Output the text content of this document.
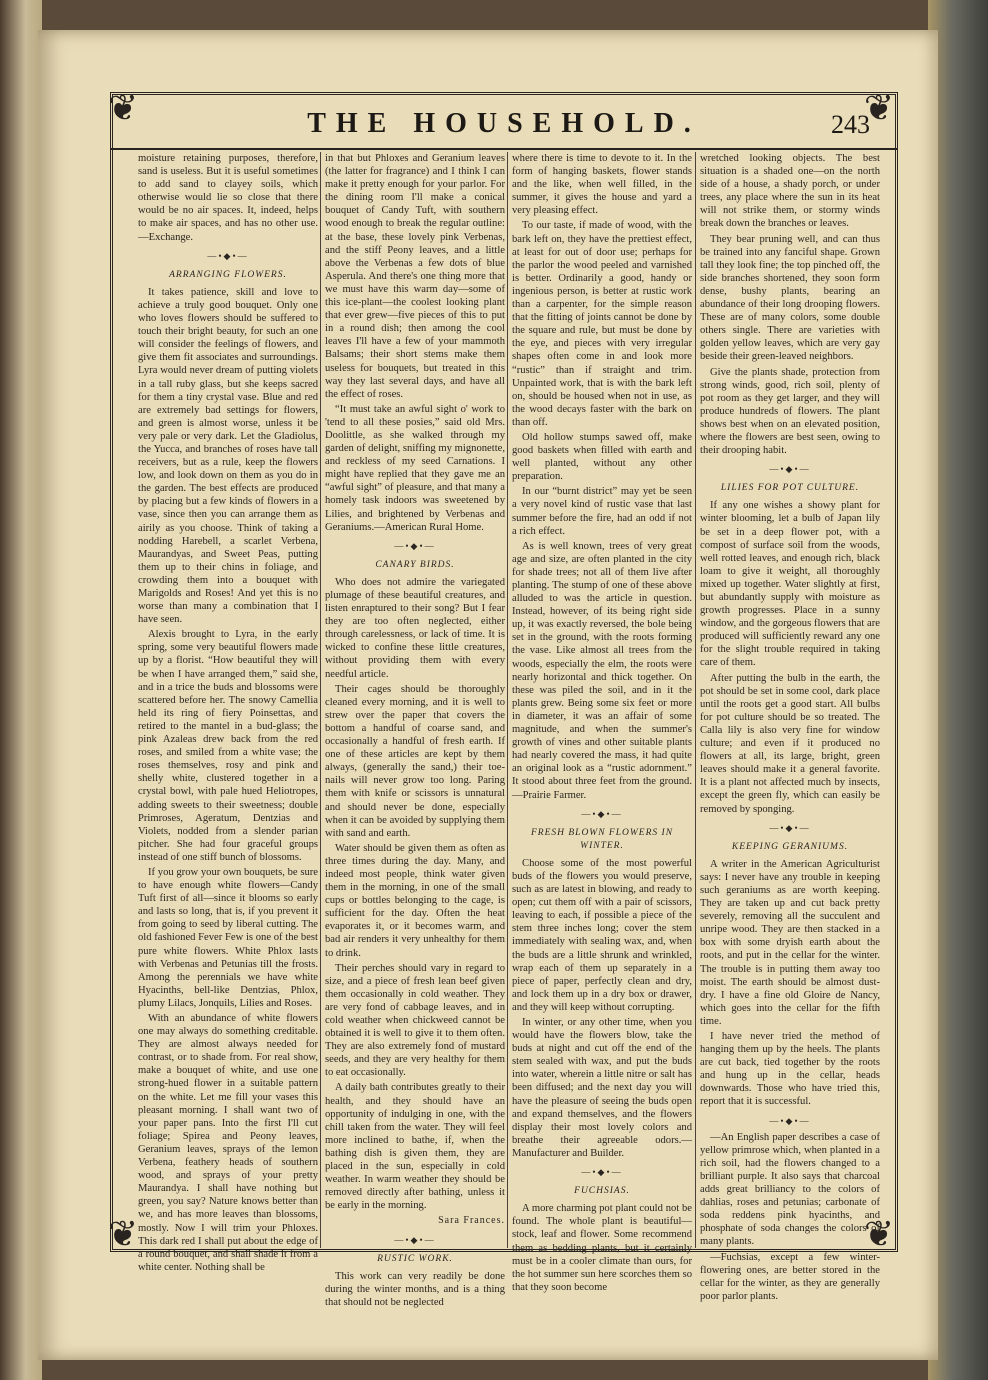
❦	❦
❦	❦
THE HOUSEHOLD.	243

moisture retaining purposes, therefore, sand is useless. But it is useful sometimes to add sand to clayey soils, which otherwise would lie so close that there would be no air spaces. It, indeed, helps to make air spaces, and has no other use.—Exchange.

—•◆•—
ARRANGING FLOWERS.

It takes patience, skill and love to achieve a truly good bouquet. Only one who loves flowers should be suffered to touch their bright beauty, for such an one will consider the feelings of flowers, and give them fit associates and surroundings. Lyra would never dream of putting violets in a tall ruby glass, but she keeps sacred for them a tiny crystal vase. Blue and red are extremely bad settings for flowers, and green is almost worse, unless it be very pale or very dark. Let the Gladiolus, the Yucca, and branches of roses have tall receivers, but as a rule, keep the flowers low, and look down on them as you do in the garden. The best effects are produced by placing but a few kinds of flowers in a vase, since then you can arrange them as airily as you choose. Think of taking a nodding Harebell, a scarlet Verbena, Maurandyas, and Sweet Peas, putting them up to their chins in foliage, and crowding them into a bouquet with Marigolds and Roses! And yet this is no worse than many a combination that I have seen.

Alexis brought to Lyra, in the early spring, some very beautiful flowers made up by a florist. “How beautiful they will be when I have arranged them,” said she, and in a trice the buds and blossoms were scattered before her. The snowy Camellia held its ring of fiery Poinsettas, and retired to the mantel in a bud-glass; the pink Azaleas drew back from the red roses, and smiled from a white vase; the roses themselves, rosy and pink and shelly white, clustered together in a crystal bowl, with pale hued Heliotropes, adding sweets to their sweetness; double Primroses, Ageratum, Dentzias and Violets, nodded from a slender parian pitcher. She had four graceful groups instead of one stiff bunch of blossoms.

If you grow your own bouquets, be sure to have enough white flowers—Candy Tuft first of all—since it blooms so early and lasts so long, that is, if you prevent it from going to seed by liberal cutting. The old fashioned Fever Few is one of the best pure white flowers. White Phlox lasts with Verbenas and Petunias till the frosts. Among the perennials we have white Hyacinths, bell-like Dentzias, Phlox, plumy Lilacs, Jonquils, Lilies and Roses.

With an abundance of white flowers one may always do something creditable. They are almost always needed for contrast, or to shade from. For real show, make a bouquet of white, and use one strong-hued flower in a suitable pattern on the white. Let me fill your vases this pleasant morning. I shall want two of your paper pans. Into the first I'll cut foliage; Spirea and Peony leaves, Geranium leaves, sprays of the lemon Verbena, feathery heads of southern wood, and sprays of your pretty Maurandya. I shall have nothing but green, you say? Nature knows better than we, and has more leaves than blossoms, mostly. Now I will trim your Phloxes. This dark red I shall put about the edge of a round bouquet, and shall shade it from a white center. Nothing shall be

in that but Phloxes and Geranium leaves (the latter for fragrance) and I think I can make it pretty enough for your parlor. For the dining room I'll make a conical bouquet of Candy Tuft, with southern wood enough to break the regular outline: at the base, these lovely pink Verbenas, and the stiff Peony leaves, and a little above the Verbenas a few dots of blue Asperula. And there's one thing more that we must have this warm day—some of this ice-plant—the coolest looking plant that ever grew—five pieces of this to put in a round dish; then among the cool leaves I'll have a few of your mammoth Balsams; their short stems make them useless for bouquets, but treated in this way they last several days, and have all the effect of roses.

“It must take an awful sight o' work to 'tend to all these posies,” said old Mrs. Doolittle, as she walked through my garden of delight, sniffing my mignonette, and reckless of my seed Carnations. I might have replied that they gave me an “awful sight” of pleasure, and that many a homely task indoors was sweetened by Lilies, and brightened by Verbenas and Geraniums.—American Rural Home.

—•◆•—
CANARY BIRDS.

Who does not admire the variegated plumage of these beautiful creatures, and listen enraptured to their song? But I fear they are too often neglected, either through carelessness, or lack of time. It is wicked to confine these little creatures, without providing them with every needful article.

Their cages should be thoroughly cleaned every morning, and it is well to strew over the paper that covers the bottom a handful of coarse sand, and occasionally a handful of fresh earth. If one of these articles are kept by them always, (generally the sand,) their toe-nails will never grow too long. Paring them with knife or scissors is unnatural and should never be done, especially when it can be avoided by supplying them with sand and earth.

Water should be given them as often as three times during the day. Many, and indeed most people, think water given them in the morning, in one of the small cups or bottles belonging to the cage, is sufficient for the day. Often the heat evaporates it, or it becomes warm, and bad air renders it very unhealthy for them to drink.

Their perches should vary in regard to size, and a piece of fresh lean beef given them occasionally in cold weather. They are very fond of cabbage leaves, and in cold weather when chickweed cannot be obtained it is well to give it to them often. They are also extremely fond of mustard seeds, and they are very healthy for them to eat occasionally.

A daily bath contributes greatly to their health, and they should have an opportunity of indulging in one, with the chill taken from the water. They will feel more inclined to bathe, if, when the bathing dish is given them, they are placed in the sun, especially in cold weather. In warm weather they should be removed directly after bathing, unless it be early in the morning.

Sara Frances.
—•◆•—
RUSTIC WORK.

This work can very readily be done during the winter months, and is a thing that should not be neglected

where there is time to devote to it. In the form of hanging baskets, flower stands and the like, when well filled, in the summer, it gives the house and yard a very pleasing effect.

To our taste, if made of wood, with the bark left on, they have the prettiest effect, at least for out of door use; perhaps for the parlor the wood peeled and varnished is better. Ordinarily a good, handy or ingenious person, is better at rustic work than a carpenter, for the simple reason that the fitting of joints cannot be done by the square and rule, but must be done by the eye, and pieces with very irregular shapes often come in and look more “rustic” than if straight and trim. Unpainted work, that is with the bark left on, should be housed when not in use, as the wood decays faster with the bark on than off.

Old hollow stumps sawed off, make good baskets when filled with earth and well planted, without any other preparation.

In our “burnt district” may yet be seen a very novel kind of rustic vase that last summer before the fire, had an odd if not a rich effect.

As is well known, trees of very great age and size, are often planted in the city for shade trees; not all of them live after planting. The stump of one of these above alluded to was the article in question. Instead, however, of its being right side up, it was exactly reversed, the bole being set in the ground, with the roots forming the vase. Like almost all trees from the woods, especially the elm, the roots were nearly horizontal and thick together. On these was piled the soil, and in it the plants grew. Being some six feet or more in diameter, it was an affair of some magnitude, and when the summer's growth of vines and other suitable plants had nearly covered the mass, it had quite an original look as a “rustic adornment.” It stood about three feet from the ground.—Prairie Farmer.

—•◆•—
FRESH BLOWN FLOWERS IN WINTER.

Choose some of the most powerful buds of the flowers you would preserve, such as are latest in blowing, and ready to open; cut them off with a pair of scissors, leaving to each, if possible a piece of the stem three inches long; cover the stem immediately with sealing wax, and, when the buds are a little shrunk and wrinkled, wrap each of them up separately in a piece of paper, perfectly clean and dry, and lock them up in a dry box or drawer, and they will keep without corrupting.

In winter, or any other time, when you would have the flowers blow, take the buds at night and cut off the end of the stem sealed with wax, and put the buds into water, wherein a little nitre or salt has been diffused; and the next day you will have the pleasure of seeing the buds open and expand themselves, and the flowers display their most lovely colors and breathe their agreeable odors.—Manufacturer and Builder.

—•◆•—
FUCHSIAS.

A more charming pot plant could not be found. The whole plant is beautiful—stock, leaf and flower. Some recommend them as bedding plants, but it certainly must be in a cooler climate than ours, for the hot summer sun here scorches them so that they soon become

wretched looking objects. The best situation is a shaded one—on the north side of a house, a shady porch, or under trees, any place where the sun in its heat will not strike them, or stormy winds break down the branches or leaves.

They bear pruning well, and can thus be trained into any fanciful shape. Grown tall they look fine; the top pinched off, the side branches shortened, they soon form dense, bushy plants, bearing an abundance of their long drooping flowers. These are of many colors, some double others single. There are varieties with golden yellow leaves, which are very gay beside their green-leaved neighbors.

Give the plants shade, protection from strong winds, good, rich soil, plenty of pot room as they get larger, and they will produce hundreds of flowers. The plant shows best when on an elevated position, where the flowers are best seen, owing to their drooping habit.

—•◆•—
LILIES FOR POT CULTURE.

If any one wishes a showy plant for winter blooming, let a bulb of Japan lily be set in a deep flower pot, with a compost of surface soil from the woods, well rotted leaves, and enough rich, black loam to give it weight, all thoroughly mixed up together. Water slightly at first, but abundantly supply with moisture as growth progresses. Place in a sunny window, and the gorgeous flowers that are produced will sufficiently reward any one for the slight trouble required in taking care of them.

After putting the bulb in the earth, the pot should be set in some cool, dark place until the roots get a good start. All bulbs for pot culture should be so treated. The Calla lily is also very fine for window culture; and even if it produced no flowers at all, its large, bright, green leaves should make it a general favorite. It is a plant not affected much by insects, except the green fly, which can easily be removed by sponging.

—•◆•—
KEEPING GERANIUMS.

A writer in the American Agriculturist says: I never have any trouble in keeping such geraniums as are worth keeping. They are taken up and cut back pretty severely, removing all the succulent and unripe wood. They are then stacked in a box with some dryish earth about the roots, and put in the cellar for the winter. The trouble is in putting them away too moist. The earth should be almost dust-dry. I have a fine old Gloire de Nancy, which goes into the cellar for the fifth time.

I have never tried the method of hanging them up by the heels. The plants are cut back, tied together by the roots and hung up in the cellar, heads downwards. Those who have tried this, report that it is successful.

—•◆•—

—An English paper describes a case of yellow primrose which, when planted in a rich soil, had the flowers changed to a brilliant purple. It also says that charcoal adds great brilliancy to the colors of dahlias, roses and petunias; carbonate of soda reddens pink hyacinths, and phosphate of soda changes the colors of many plants.

—Fuchsias, except a few winter-flowering ones, are better stored in the cellar for the winter, as they are generally poor parlor plants.
